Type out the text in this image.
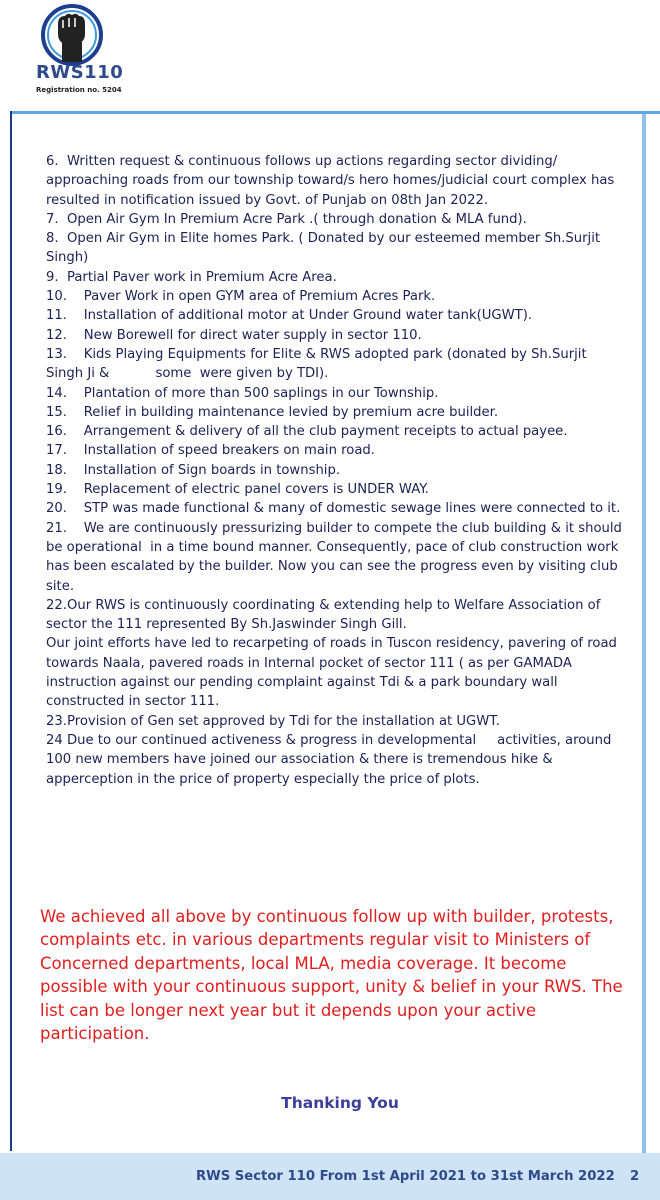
RWS110
Registration no. 5204

6.  Written request & continuous follows up actions regarding sector dividing/ approaching roads from our township toward/s hero homes/judicial court complex has resulted in notification issued by Govt. of Punjab on 08th Jan 2022.

7.  Open Air Gym In Premium Acre Park .( through donation & MLA fund).

8.  Open Air Gym in Elite homes Park. ( Donated by our esteemed member Sh.Surjit Singh)

9.  Partial Paver work in Premium Acre Area.

10.    Paver Work in open GYM area of Premium Acres Park.

11.    Installation of additional motor at Under Ground water tank(UGWT).

12.    New Borewell for direct water supply in sector 110.

13.    Kids Playing Equipments for Elite & RWS adopted park (donated by Sh.Surjit Singh Ji &           some  were given by TDI).

14.    Plantation of more than 500 saplings in our Township.

15.    Relief in building maintenance levied by premium acre builder.

16.    Arrangement & delivery of all the club payment receipts to actual payee.

17.    Installation of speed breakers on main road.

18.    Installation of Sign boards in township.

19.    Replacement of electric panel covers is UNDER WAY.

20.    STP was made functional & many of domestic sewage lines were connected to it.

21.    We are continuously pressurizing builder to compete the club building & it should be operational  in a time bound manner. Consequently, pace of club construction work has been escalated by the builder. Now you can see the progress even by visiting club site.

22.Our RWS is continuously coordinating & extending help to Welfare Association of sector the 111 represented By Sh.Jaswinder Singh Gill.

Our joint efforts have led to recarpeting of roads in Tuscon residency, pavering of road towards Naala, pavered roads in Internal pocket of sector 111 ( as per GAMADA instruction against our pending complaint against Tdi & a park boundary wall constructed in sector 111.

23.Provision of Gen set approved by Tdi for the installation at UGWT.

24 Due to our continued activeness & progress in developmental     activities, around 100 new members have joined our association & there is tremendous hike & apperception in the price of property especially the price of plots.

We achieved all above by continuous follow up with builder, protests, complaints etc. in various departments regular visit to Ministers of Concerned departments, local MLA, media coverage. It become possible with your continuous support, unity & belief in your RWS. The list can be longer next year but it depends upon your active participation.

Thanking You
RWS Sector 110 From 1st April 2021 to 31st March 2022 2
